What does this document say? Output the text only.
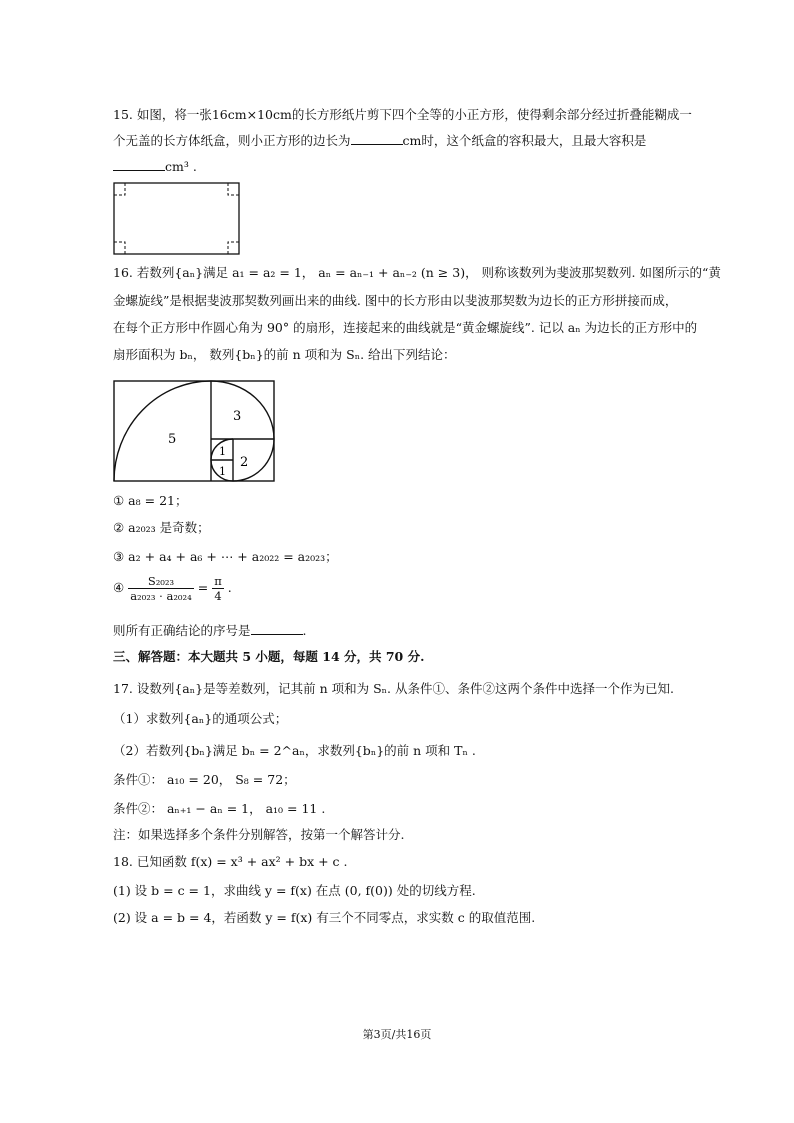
15. 如图，将一张16cm×10cm的长方形纸片剪下四个全等的小正方形，使得剩余部分经过折叠能糊成一
个无盖的长方体纸盒，则小正方形的边长为	cm时，这个纸盒的容积最大，且最大容积是
cm³ .
16. 若数列{aₙ}满足 a₁ = a₂ = 1， aₙ = aₙ₋₁ + aₙ₋₂ (n ≥ 3)， 则称该数列为斐波那契数列. 如图所示的“黄
金螺旋线”是根据斐波那契数列画出来的曲线. 图中的长方形由以斐波那契数为边长的正方形拼接而成，
在每个正方形中作圆心角为 90° 的扇形，连接起来的曲线就是“黄金螺旋线”. 记以 aₙ 为边长的正方形中的
扇形面积为 bₙ， 数列{bₙ}的前 n 项和为 Sₙ. 给出下列结论：
5
3
2
1
1
① a₈ = 21；
② a₂₀₂₃ 是奇数；
③ a₂ + a₄ + a₆ + ⋯ + a₂₀₂₂ = a₂₀₂₃；
④ $\frac{\text{S₂₀₂₃}}{\text{a₂₀₂₃ · a₂₀₂₄}} = \frac{\pi}{4}$ .
则所有正确结论的序号是	.
三、解答题：本大题共 5 小题，每题 14 分，共 70 分.
17. 设数列{aₙ}是等差数列，记其前 n 项和为 Sₙ. 从条件①、条件②这两个条件中选择一个作为已知.
（1）求数列{aₙ}的通项公式；
（2）若数列{bₙ}满足 bₙ = 2^aₙ，求数列{bₙ}的前 n 项和 Tₙ .
条件①： a₁₀ = 20， S₈ = 72；
条件②： aₙ₊₁ − aₙ = 1， a₁₀ = 11 .
注：如果选择多个条件分别解答，按第一个解答计分.
18. 已知函数 f(x) = x³ + ax² + bx + c .
(1) 设 b = c = 1，求曲线 y = f(x) 在点 (0, f(0)) 处的切线方程.
(2) 设 a = b = 4，若函数 y = f(x) 有三个不同零点，求实数 c 的取值范围.
第3页/共16页
